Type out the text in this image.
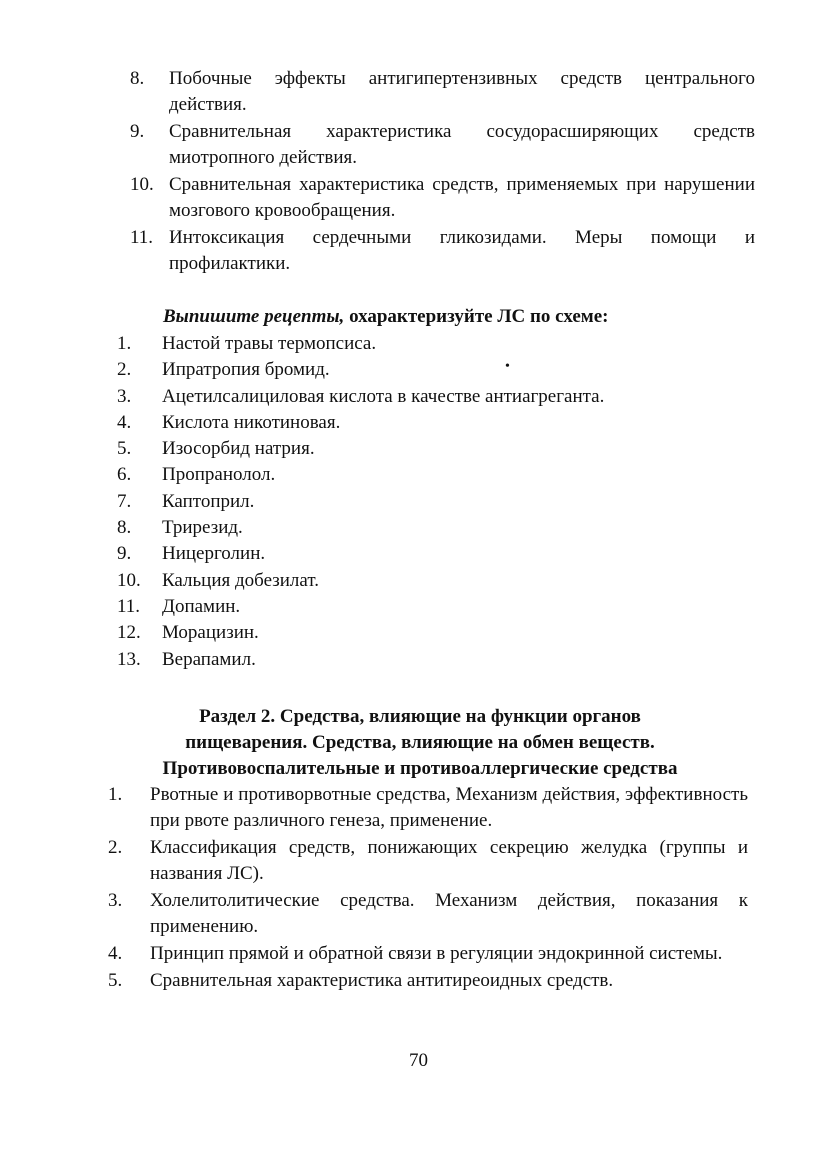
8. Побочные эффекты антигипертензивных средств центрального действия.
9. Сравнительная характеристика сосудорасширяющих средств миотропного действия.
10. Сравнительная характеристика средств, применяемых при нарушении мозгового кровообращения.
11. Интоксикация сердечными гликозидами. Меры помощи и профилактики.
Выпишите рецепты, охарактеризуйте ЛС по схеме:
•
1. Настой травы термопсиса.
2. Ипратропия бромид.
3. Ацетилсалициловая кислота в качестве антиагреганта.
4. Кислота никотиновая.
5. Изосорбид натрия.
6. Пропранолол.
7. Каптоприл.
8. Трирезид.
9. Ницерголин.
10. Кальция добезилат.
11. Допамин.
12. Морацизин.
13. Верапамил.
Раздел 2. Средства, влияющие на функции органов
пищеварения. Средства, влияющие на обмен веществ.
Противовоспалительные и противоаллергические средства
1. Рвотные и противорвотные средства, Механизм действия, эффективность при рвоте различного генеза, применение.
2. Классификация средств, понижающих секрецию желудка (группы и названия ЛС).
3. Холелитолитические средства. Механизм действия, показания к применению.
4. Принцип прямой и обратной связи в регуляции эндокринной системы.
5. Сравнительная характеристика антитиреоидных средств.
70
